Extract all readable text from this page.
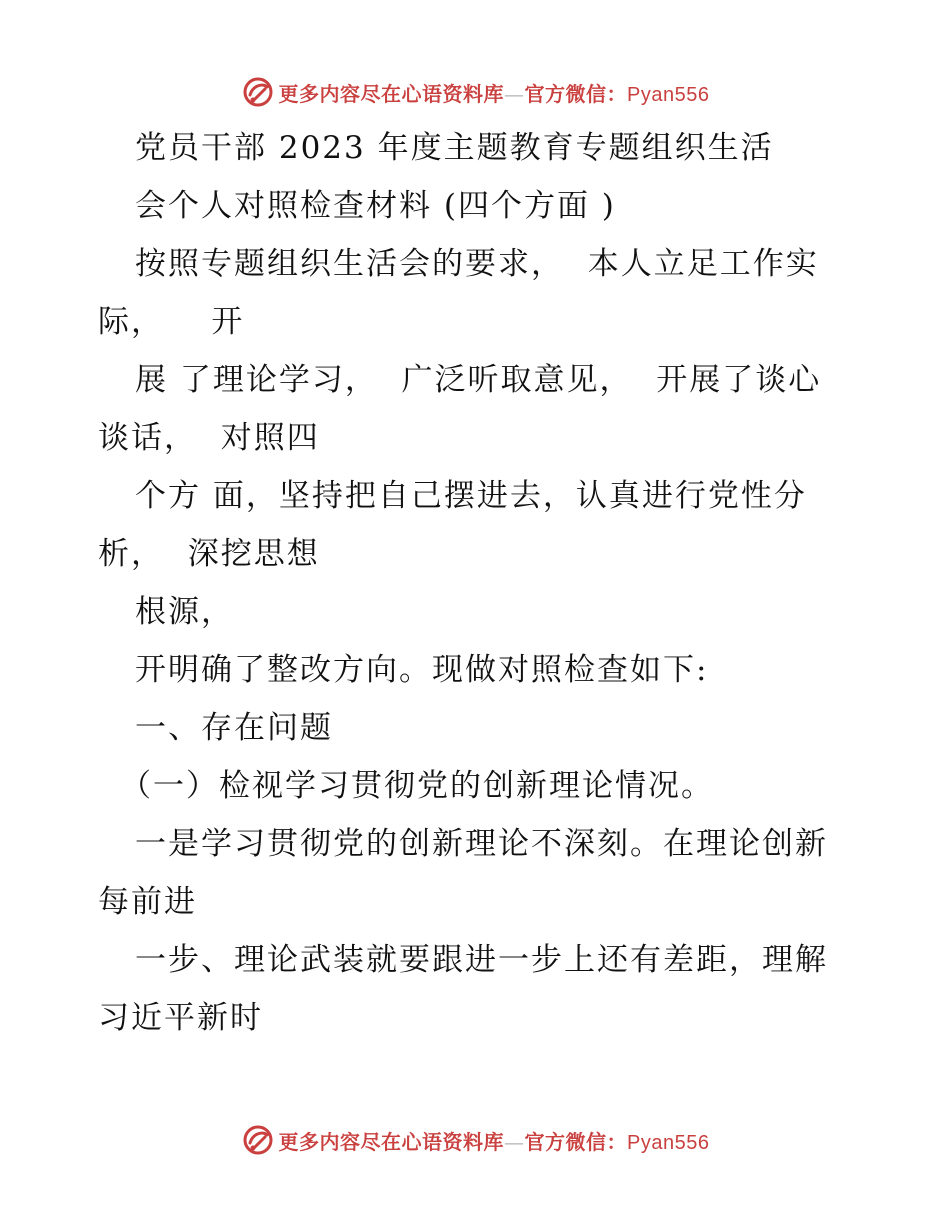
更多内容尽在心语资料库—官方微信：Pyan556
党员干部 2023 年度主题教育专题组织生活
会个人对照检查材料 (四个方面 )
按照专题组织生活会的要求，  本人立足工作实
际，    开
展 了理论学习，  广泛听取意见，  开展了谈心
谈话，  对照四
个方 面，坚持把自己摆进去，认真进行党性分
析，  深挖思想
根源，
开明确了整改方向。现做对照检查如下:
一、存在问题
（一）检视学习贯彻党的创新理论情况。
一是学习贯彻党的创新理论不深刻。在理论创新
每前进
一步、理论武装就要跟进一步上还有差距，理解
习近平新时
更多内容尽在心语资料库—官方微信：Pyan556
